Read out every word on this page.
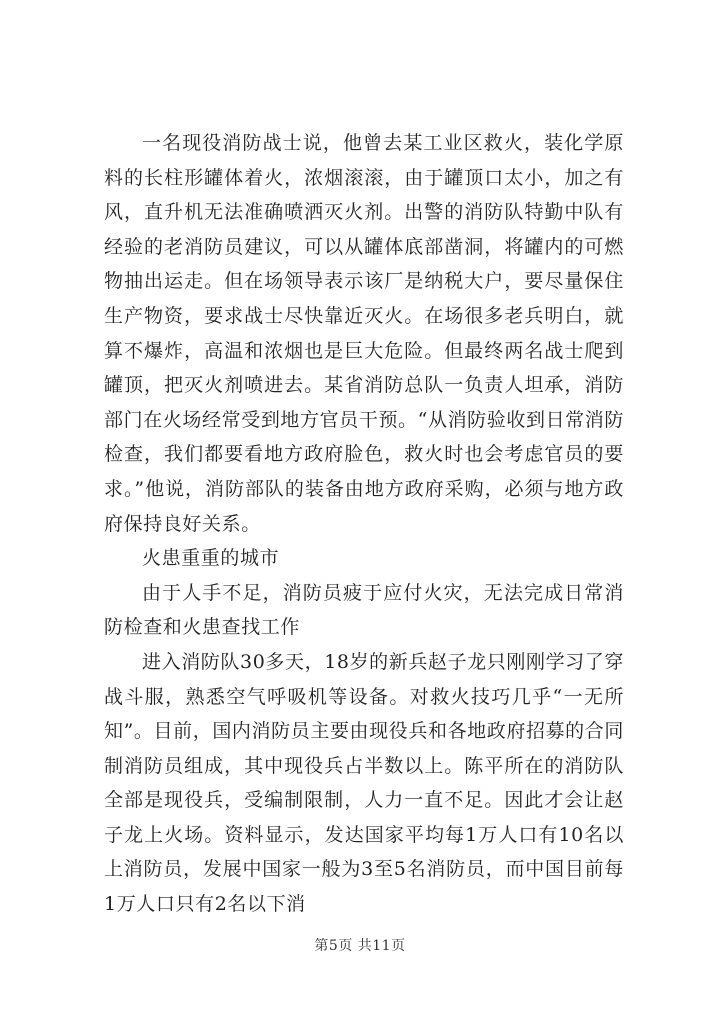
一名现役消防战士说，他曾去某工业区救火，装化学原料的长柱形罐体着火，浓烟滚滚，由于罐顶口太小，加之有风，直升机无法准确喷洒灭火剂。出警的消防队特勤中队有经验的老消防员建议，可以从罐体底部凿洞，将罐内的可燃物抽出运走。但在场领导表示该厂是纳税大户，要尽量保住生产物资，要求战士尽快靠近灭火。在场很多老兵明白，就算不爆炸，高温和浓烟也是巨大危险。但最终两名战士爬到罐顶，把灭火剂喷进去。某省消防总队一负责人坦承，消防部门在火场经常受到地方官员干预。“从消防验收到日常消防检查，我们都要看地方政府脸色，救火时也会考虑官员的要求。”他说，消防部队的装备由地方政府采购，必须与地方政府保持良好关系。

火患重重的城市

由于人手不足，消防员疲于应付火灾，无法完成日常消防检查和火患查找工作

进入消防队30多天，18岁的新兵赵子龙只刚刚学习了穿战斗服，熟悉空气呼吸机等设备。对救火技巧几乎“一无所知”。目前，国内消防员主要由现役兵和各地政府招募的合同制消防员组成，其中现役兵占半数以上。陈平所在的消防队全部是现役兵，受编制限制，人力一直不足。因此才会让赵子龙上火场。资料显示，发达国家平均每1万人口有10名以上消防员，发展中国家一般为3至5名消防员，而中国目前每1万人口只有2名以下消

第5页 共11页
